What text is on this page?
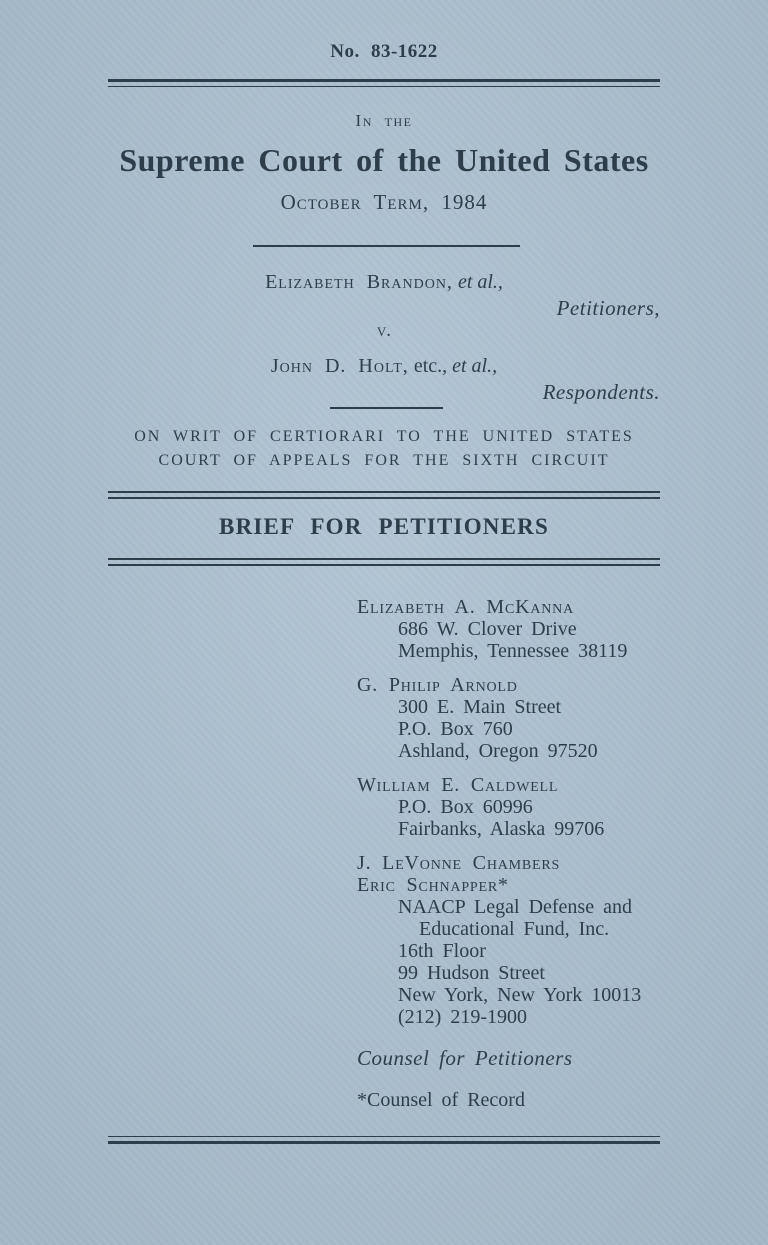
No. 83-1622
In the
Supreme Court of the United States
October Term, 1984
Elizabeth Brandon, et al.,
Petitioners,
v.
John D. Holt, etc., et al.,
Respondents.
ON WRIT OF CERTIORARI TO THE UNITED STATES
COURT OF APPEALS FOR THE SIXTH CIRCUIT
BRIEF FOR PETITIONERS
Elizabeth A. McKanna
686 W. Clover Drive
Memphis, Tennessee 38119
G. Philip Arnold
300 E. Main Street
P.O. Box 760
Ashland, Oregon 97520
William E. Caldwell
P.O. Box 60996
Fairbanks, Alaska 99706
J. LeVonne Chambers
Eric Schnapper*
NAACP Legal Defense and
Educational Fund, Inc.
16th Floor
99 Hudson Street
New York, New York 10013
(212) 219-1900
Counsel for Petitioners
*Counsel of Record
